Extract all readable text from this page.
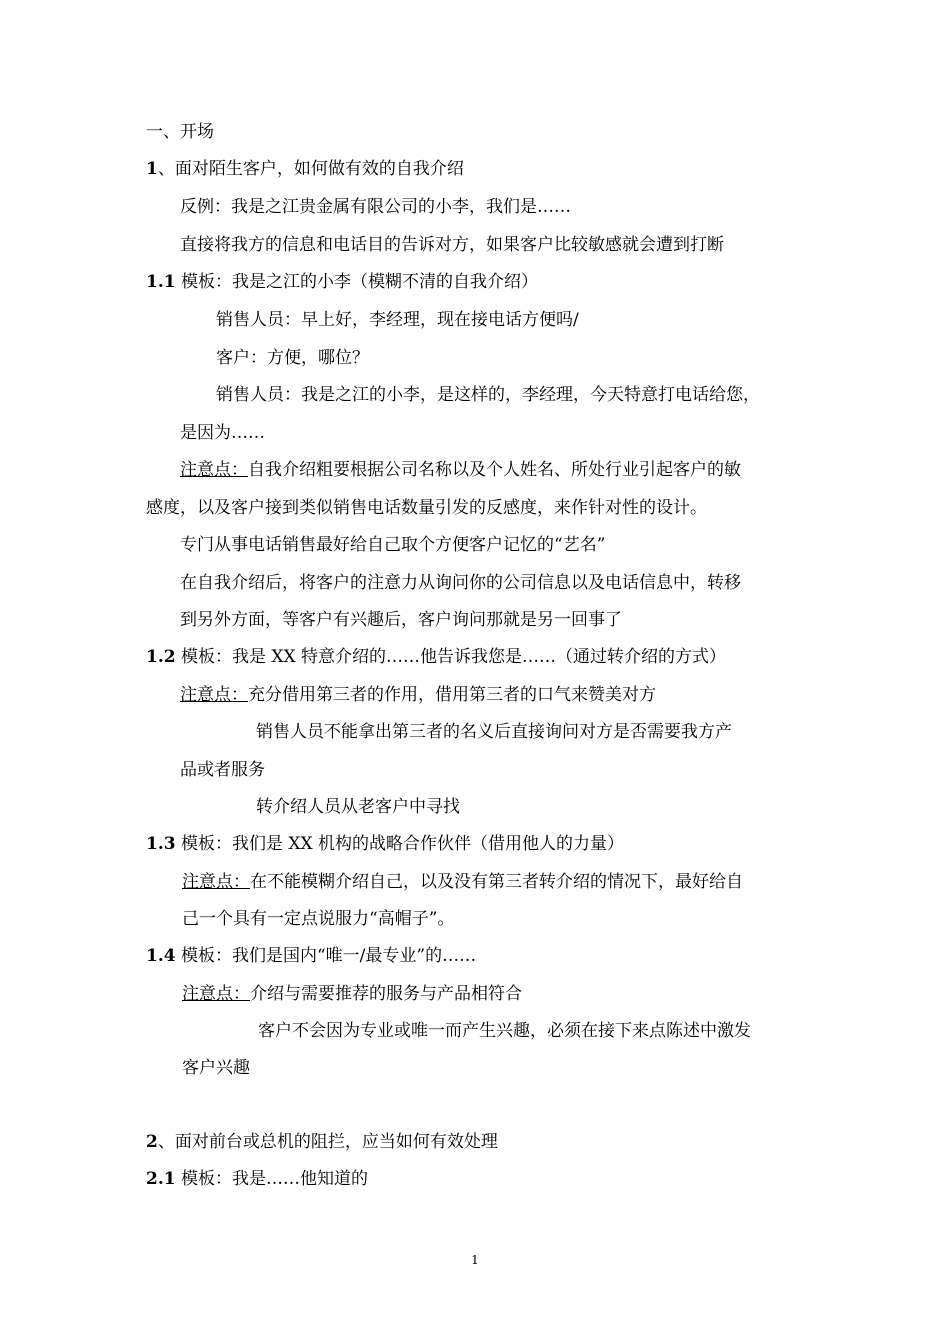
一、开场
1、面对陌生客户，如何做有效的自我介绍
反例：我是之江贵金属有限公司的小李，我们是……
直接将我方的信息和电话目的告诉对方，如果客户比较敏感就会遭到打断
1.1 模板：我是之江的小李（模糊不清的自我介绍）
销售人员：早上好，李经理，现在接电话方便吗/
客户：方便，哪位？
销售人员：我是之江的小李，是这样的，李经理，今天特意打电话给您，
是因为……
注意点：自我介绍粗要根据公司名称以及个人姓名、所处行业引起客户的敏
感度，以及客户接到类似销售电话数量引发的反感度，来作针对性的设计。
专门从事电话销售最好给自己取个方便客户记忆的“艺名”
在自我介绍后，将客户的注意力从询问你的公司信息以及电话信息中，转移
到另外方面，等客户有兴趣后，客户询问那就是另一回事了
1.2 模板：我是 XX 特意介绍的……他告诉我您是……（通过转介绍的方式）
注意点：充分借用第三者的作用，借用第三者的口气来赞美对方
销售人员不能拿出第三者的名义后直接询问对方是否需要我方产
品或者服务
转介绍人员从老客户中寻找
1.3 模板：我们是 XX 机构的战略合作伙伴（借用他人的力量）
注意点：在不能模糊介绍自己，以及没有第三者转介绍的情况下，最好给自
己一个具有一定点说服力“高帽子”。
1.4 模板：我们是国内“唯一/最专业”的……
注意点：介绍与需要推荐的服务与产品相符合
客户不会因为专业或唯一而产生兴趣，必须在接下来点陈述中激发
客户兴趣
2、面对前台或总机的阻拦，应当如何有效处理
2.1 模板：我是……他知道的
1
